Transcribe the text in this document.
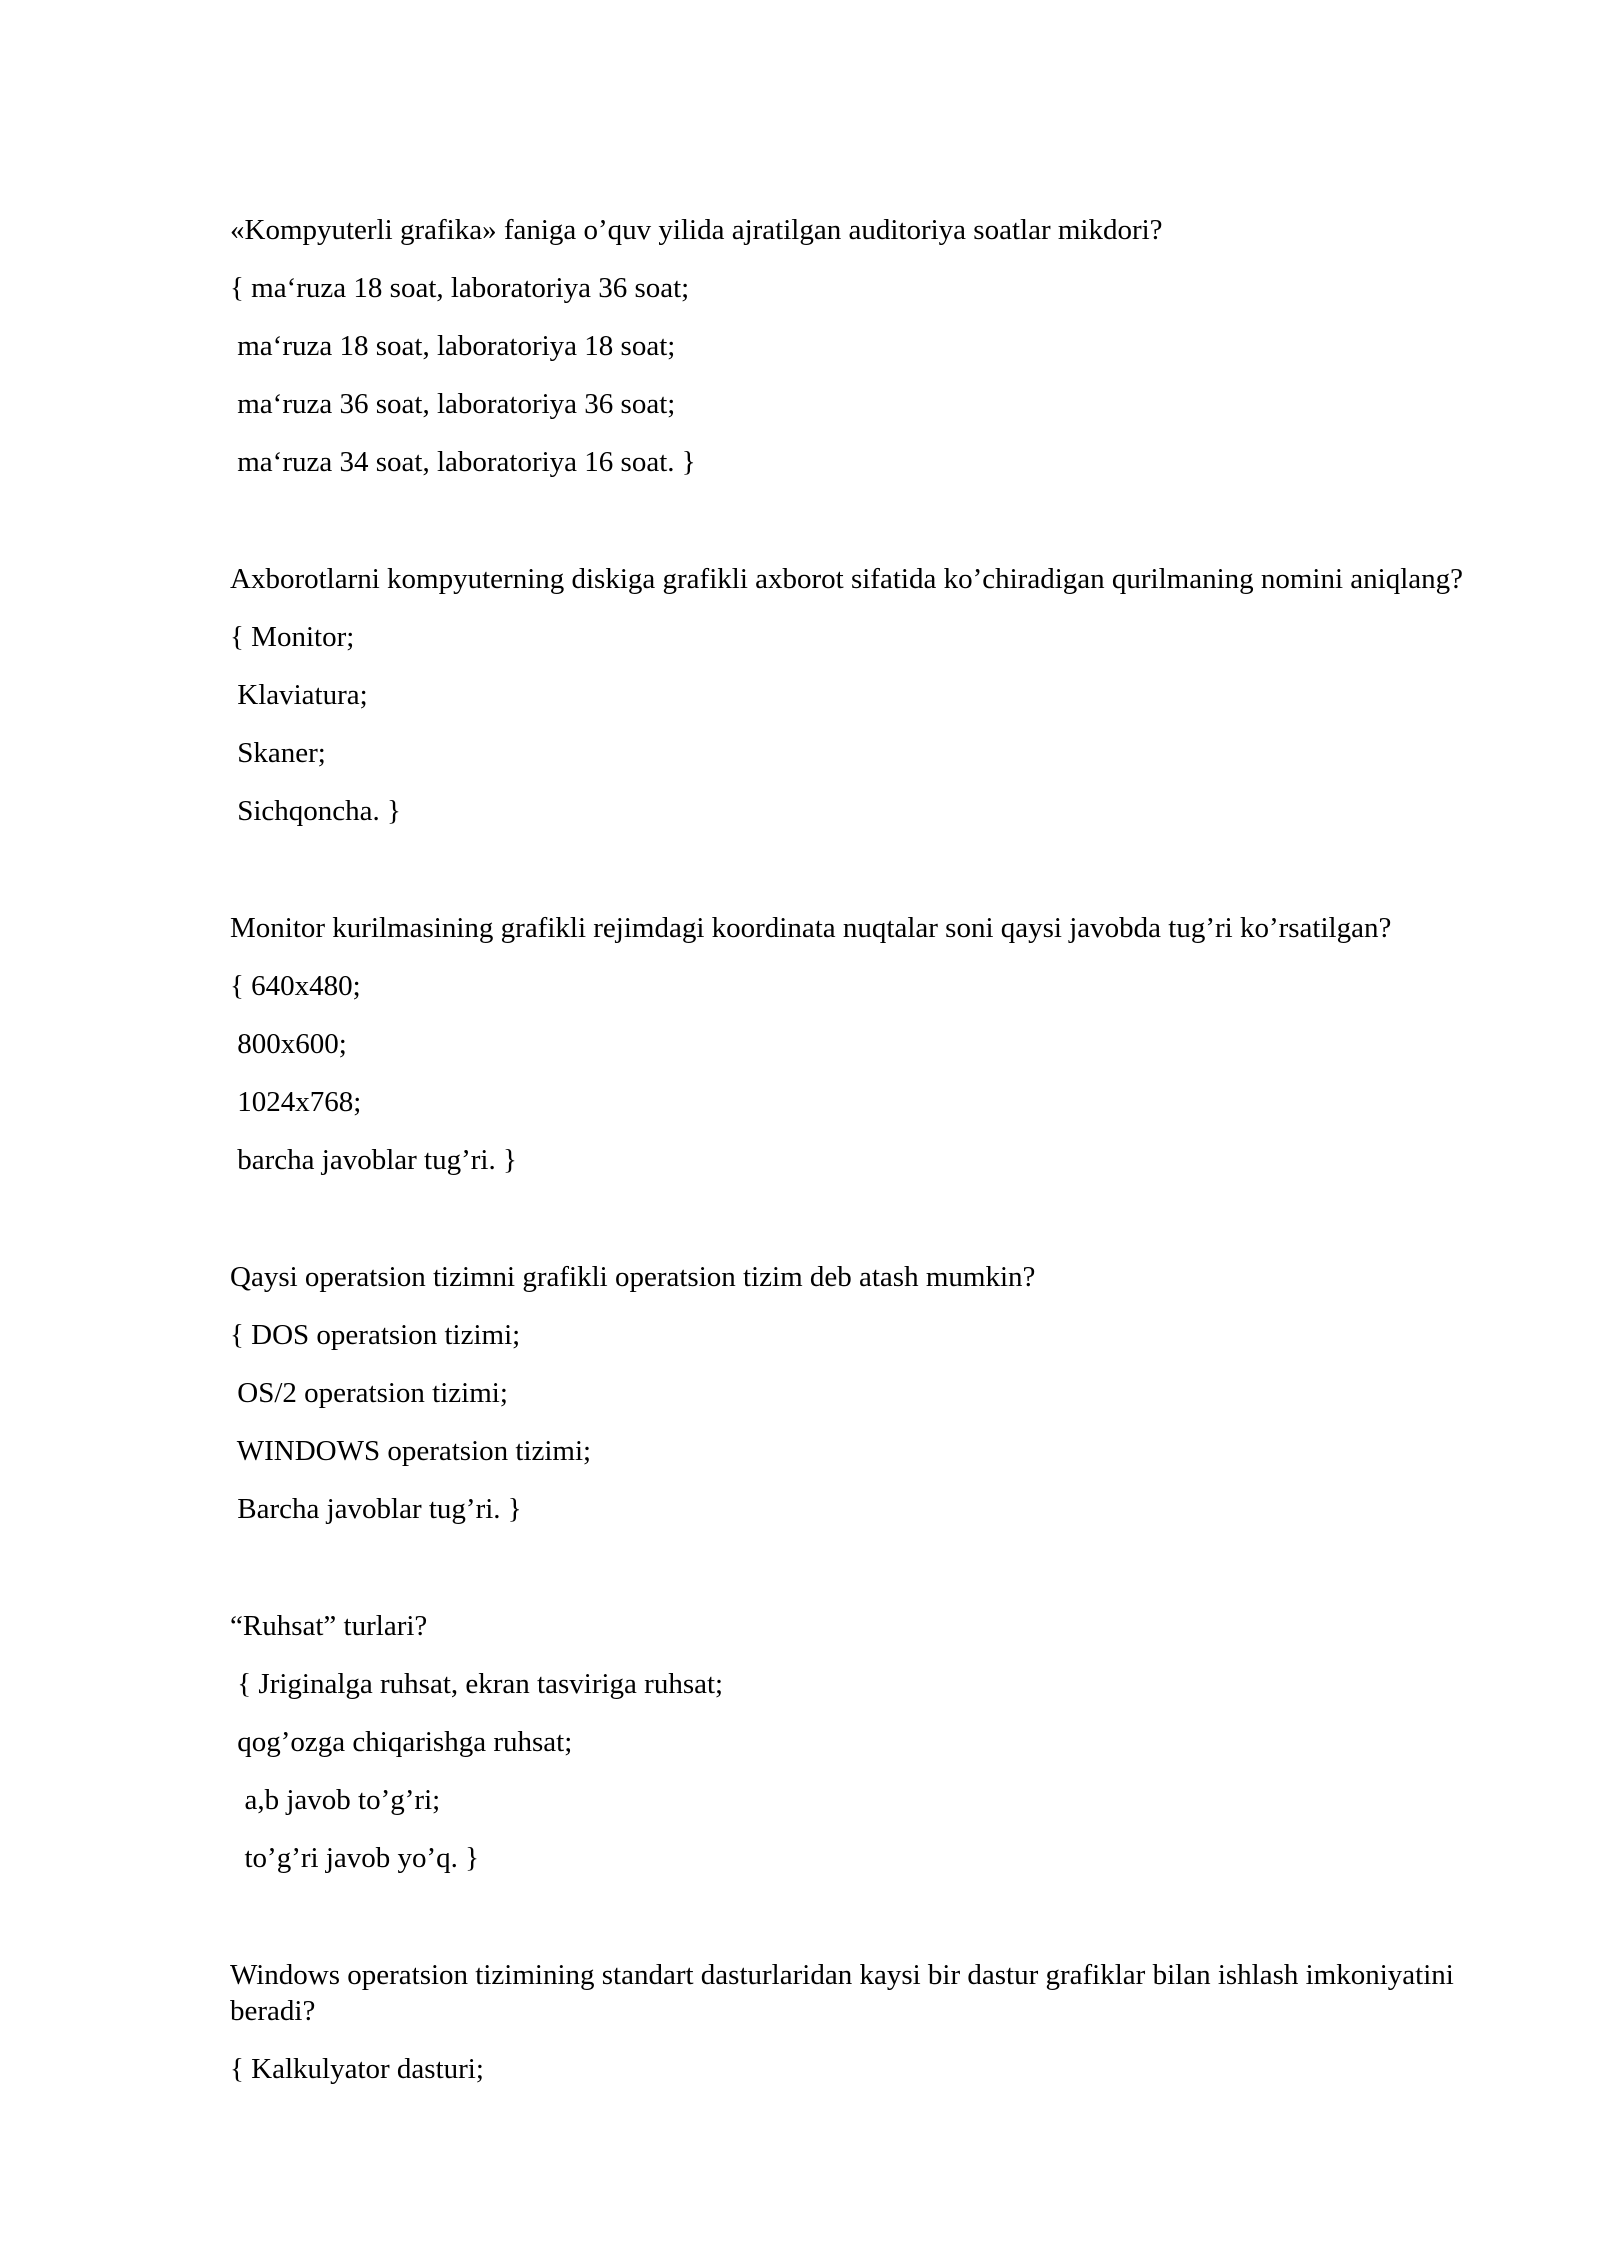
«Kompyuterli grafika» faniga o’quv yilida ajratilgan auditoriya soatlar mikdori?
{ ma‘ruza 18 soat, laboratoriya 36 soat;
ma‘ruza 18 soat, laboratoriya 18 soat;
ma‘ruza 36 soat, laboratoriya 36 soat;
ma‘ruza 34 soat, laboratoriya 16 soat. }
Axborotlarni kompyuterning diskiga grafikli axborot sifatida ko’chiradigan qurilmaning nomini aniqlang?
{ Monitor;
Klaviatura;
Skaner;
Sichqoncha. }
Monitor kurilmasining grafikli rejimdagi koordinata nuqtalar soni qaysi javobda tug’ri ko’rsatilgan?
{ 640x480;
800x600;
1024x768;
barcha javoblar tug’ri. }
Qaysi operatsion tizimni grafikli operatsion tizim deb atash mumkin?
{ DOS operatsion tizimi;
OS/2 operatsion tizimi;
WINDOWS operatsion tizimi;
Barcha javoblar tug’ri. }
“Ruhsat” turlari?
{ Jriginalga ruhsat, ekran tasviriga ruhsat;
qog’ozga chiqarishga ruhsat;
a,b javob to’g’ri;
to’g’ri javob yo’q. }
Windows operatsion tizimining standart dasturlaridan kaysi bir dastur grafiklar bilan ishlash imkoniyatini beradi?
{ Kalkulyator dasturi;
